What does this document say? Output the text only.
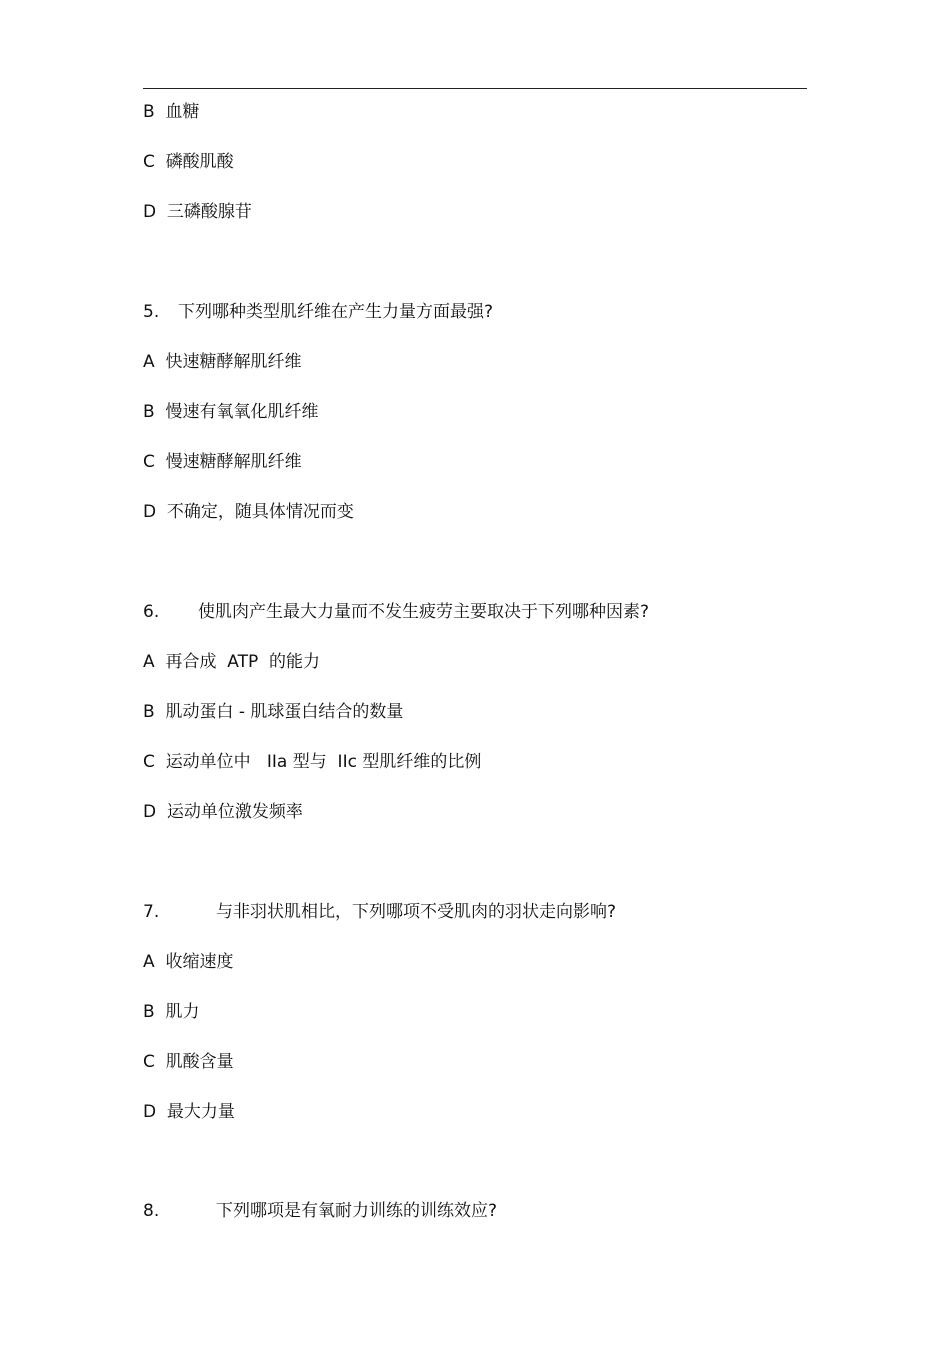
B 血糖
C 磷酸肌酸
D 三磷酸腺苷
5. 下列哪种类型肌纤维在产生力量方面最强?
A 快速糖酵解肌纤维
B 慢速有氧氧化肌纤维
C 慢速糖酵解肌纤维
D 不确定，随具体情况而变
6. 使肌肉产生最大力量而不发生疲劳主要取决于下列哪种因素?
A 再合成  ATP  的能力
B 肌动蛋白 - 肌球蛋白结合的数量
C 运动单位中   IIa 型与  IIc 型肌纤维的比例
D 运动单位激发频率
7.	与非羽状肌相比，下列哪项不受肌肉的羽状走向影响?
A 收缩速度
B 肌力
C 肌酸含量
D 最大力量
8.	下列哪项是有氧耐力训练的训练效应?
